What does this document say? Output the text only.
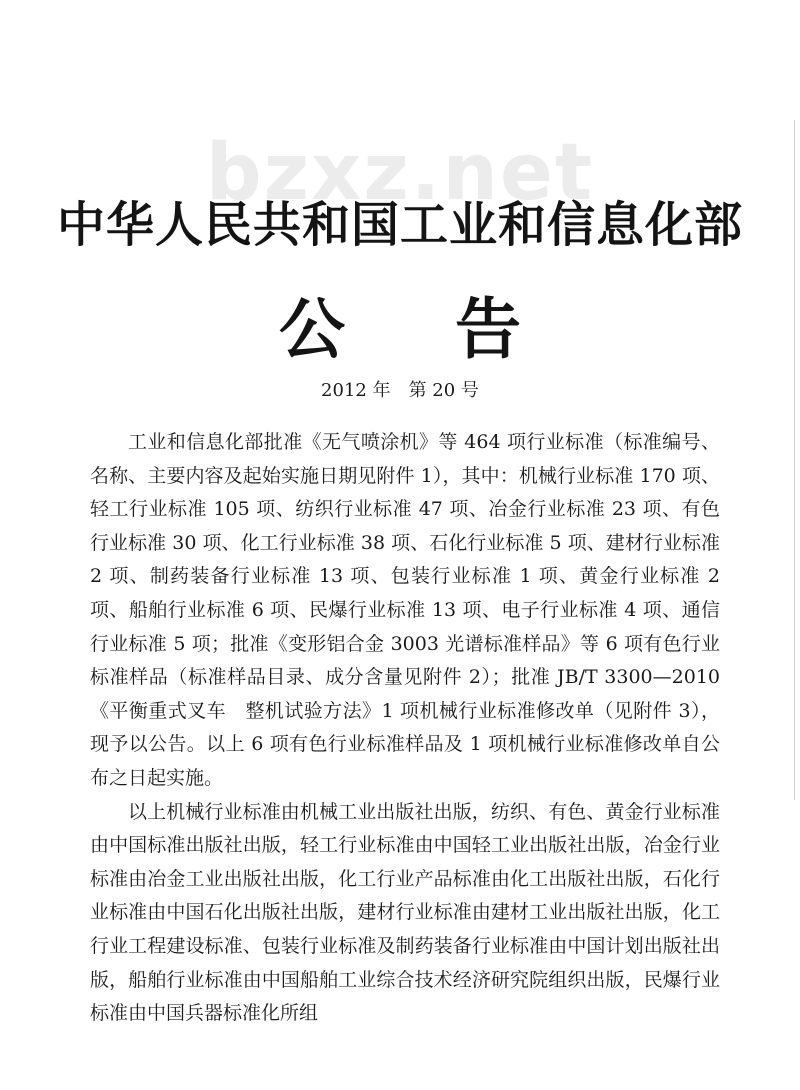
bzxz.net
中华人民共和国工业和信息化部
公告
2012 年　第 20 号

工业和信息化部批准《无气喷涂机》等 464 项行业标准（标准编号、名称、主要内容及起始实施日期见附件 1），其中：机械行业标准 170 项、轻工行业标准 105 项、纺织行业标准 47 项、冶金行业标准 23 项、有色行业标准 30 项、化工行业标准 38 项、石化行业标准 5 项、建材行业标准 2 项、制药装备行业标准 13 项、包装行业标准 1 项、黄金行业标准 2 项、船舶行业标准 6 项、民爆行业标准 13 项、电子行业标准 4 项、通信行业标准 5 项；批准《变形铝合金 3003 光谱标准样品》等 6 项有色行业标准样品（标准样品目录、成分含量见附件 2）；批准 JB/T 3300—2010《平衡重式叉车　整机试验方法》1 项机械行业标准修改单（见附件 3），现予以公告。以上 6 项有色行业标准样品及 1 项机械行业标准修改单自公布之日起实施。

以上机械行业标准由机械工业出版社出版，纺织、有色、黄金行业标准由中国标准出版社出版，轻工行业标准由中国轻工业出版社出版，冶金行业标准由冶金工业出版社出版，化工行业产品标准由化工出版社出版，石化行业标准由中国石化出版社出版，建材行业标准由建材工业出版社出版，化工行业工程建设标准、包装行业标准及制药装备行业标准由中国计划出版社出版，船舶行业标准由中国船舶工业综合技术经济研究院组织出版，民爆行业标准由中国兵器标准化所组
